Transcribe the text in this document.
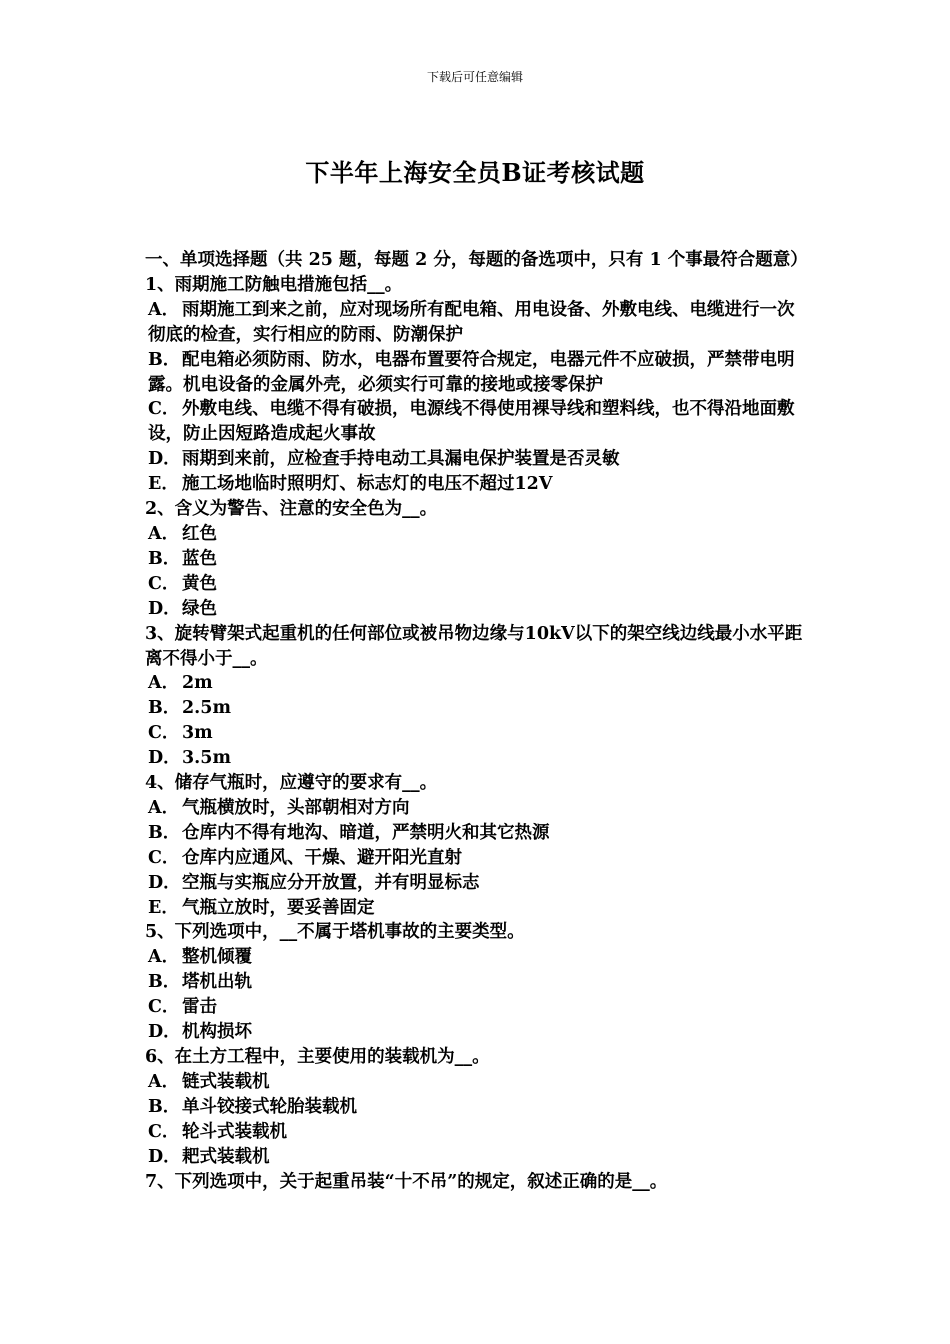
下载后可任意编辑
下半年上海安全员B证考核试题

一、单项选择题（共 25 题，每题 2 分，每题的备选项中，只有 1 个事最符合题意）

1、雨期施工防触电措施包括__。

A． 雨期施工到来之前，应对现场所有配电箱、用电设备、外敷电线、电缆进行一次彻底的检查，实行相应的防雨、防潮保护

B．配电箱必须防雨、防水，电器布置要符合规定，电器元件不应破损，严禁带电明露。机电设备的金属外壳，必须实行可靠的接地或接零保护

C． 外敷电线、电缆不得有破损，电源线不得使用裸导线和塑料线，也不得沿地面敷设，防止因短路造成起火事故

D．雨期到来前，应检查手持电动工具漏电保护装置是否灵敏

E． 施工场地临时照明灯、标志灯的电压不超过12V

2、含义为警告、注意的安全色为__。

A． 红色

B．蓝色

C． 黄色

D．绿色

3、旋转臂架式起重机的任何部位或被吊物边缘与10kV以下的架空线边线最小水平距离不得小于__。

A． 2m

B．2.5m

C． 3m

D．3.5m

4、储存气瓶时，应遵守的要求有__。

A． 气瓶横放时，头部朝相对方向

B．仓库内不得有地沟、暗道，严禁明火和其它热源

C． 仓库内应通风、干燥、避开阳光直射

D．空瓶与实瓶应分开放置，并有明显标志

E． 气瓶立放时，要妥善固定

5、下列选项中，__不属于塔机事故的主要类型。

A． 整机倾覆

B．塔机出轨

C． 雷击

D．机构损坏

6、在土方工程中，主要使用的装载机为__。

A． 链式装载机

B．单斗铰接式轮胎装载机

C． 轮斗式装载机

D．耙式装载机

7、下列选项中，关于起重吊装“十不吊”的规定，叙述正确的是__。
